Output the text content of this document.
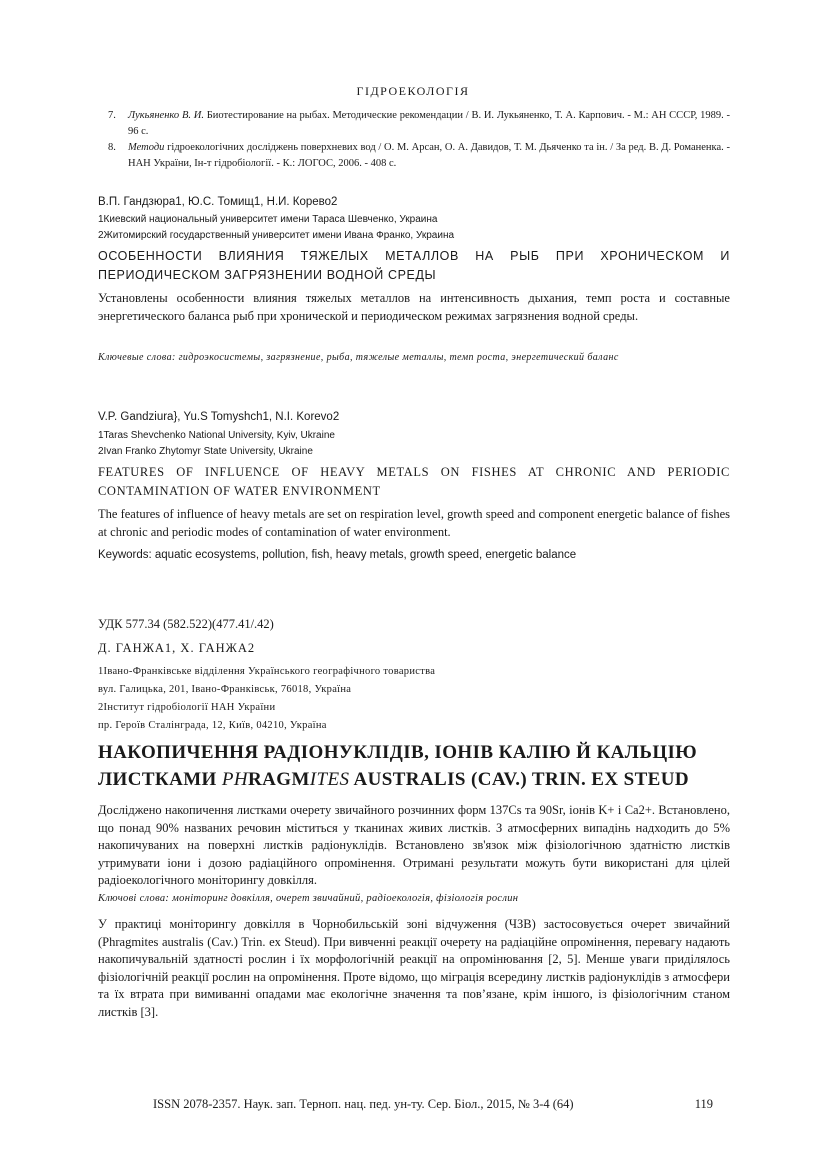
ГІДРОЕКОЛОГІЯ
7.	Лукьяненко В. И. Биотестирование на рыбах. Методические рекомендации / В. И. Лукьяненко, Т. А. Карпович. - М.: АН СССР, 1989. - 96 с.
8.	Методи гідроекологічних досліджень поверхневих вод / О. М. Арсан, О. А. Давидов, Т. М. Дьяченко та ін. / За ред. В. Д. Романенка. - НАН України, Ін-т гідробіології. - К.: ЛОГОС, 2006. - 408 с.
В.П. Гандзюра1, Ю.С. Томищ1, Н.И. Корево2
1Киевский национальный университет имени Тараса Шевченко, Украина
2Житомирский государственный университет имени Ивана Франко, Украина
ОСОБЕННОСТИ ВЛИЯНИЯ ТЯЖЕЛЫХ МЕТАЛЛОВ НА РЫБ ПРИ ХРОНИЧЕСКОМ И ПЕРИОДИЧЕСКОМ ЗАГРЯЗНЕНИИ ВОДНОЙ СРЕДЫ
Установлены особенности влияния тяжелых металлов на интенсивность дыхания, темп роста и составные энергетического баланса рыб при хронической и периодическом режимах загрязнения водной среды.
Ключевые слова: гидроэкосистемы, загрязнение, рыба, тяжелые металлы, темп роста, энергетический баланс
V.P. Gandziura}, Yu.S Tomyshch1, N.I. Korevo2
1Taras Shevchenko National University, Kyiv, Ukraine
2Ivan Franko Zhytomyr State University, Ukraine
FEATURES OF INFLUENCE OF HEAVY METALS ON FISHES AT CHRONIC AND PERIODIC CONTAMINATION OF WATER ENVIRONMENT
The features of influence of heavy metals are set on respiration level, growth speed and component energetic balance of fishes at chronic and periodic modes of contamination of water environment.
Keywords: aquatic ecosystems, pollution, fish, heavy metals, growth speed, energetic balance
УДК 577.34 (582.522)(477.41/.42)
Д. ГАНЖА1, Х. ГАНЖА2
1Івано-Франківське відділення Українського географічного товариства
вул. Галицька, 201, Івано-Франківськ, 76018, Україна
2Інститут гідробіології НАН України
пр. Героїв Сталінграда, 12, Київ, 04210, Україна
НАКОПИЧЕННЯ РАДІОНУКЛІДІВ, ІОНІВ КАЛІЮ Й КАЛЬЦІЮ
ЛИСТКАМИ PHRAGMITES AUSTRALIS (CAV.) TRIN. EX STEUD
Досліджено накопичення листками очерету звичайного розчинних форм 137Cs та 90Sr, іонів K+ і Ca2+. Встановлено, що понад 90% названих речовин міститься у тканинах живих листків. З атмосферних випадінь надходить до 5% накопичуваних на поверхні листків радіонуклідів. Встановлено зв'язок між фізіологічною здатністю листків утримувати іони і дозою радіаційного опромінення. Отримані результати можуть бути використані для цілей радіоекологічного моніторингу довкілля.
Ключові слова: моніторинг довкілля, очерет звичайний, радіоекологія, фізіологія рослин
У практиці моніторингу довкілля в Чорнобильській зоні відчуження (ЧЗВ) застосовується очерет звичайний (Phragmites australis (Cav.) Trin. ex Steud). При вивченні реакції очерету на радіаційне опромінення, перевагу надають накопичувальній здатності рослин і їх морфологічній реакції на опромінювання [2, 5]. Менше уваги приділялось фізіологічній реакції рослин на опромінення. Проте відомо, що міграція всередину листків радіонуклідів з атмосфери та їх втрата при вимиванні опадами має екологічне значення та пов’язане, крім іншого, із фізіологічним станом листків [3].
ISSN 2078-2357. Наук. зап. Терноп. нац. пед. ун-ту. Сер. Біол., 2015, № 3-4 (64)	119
